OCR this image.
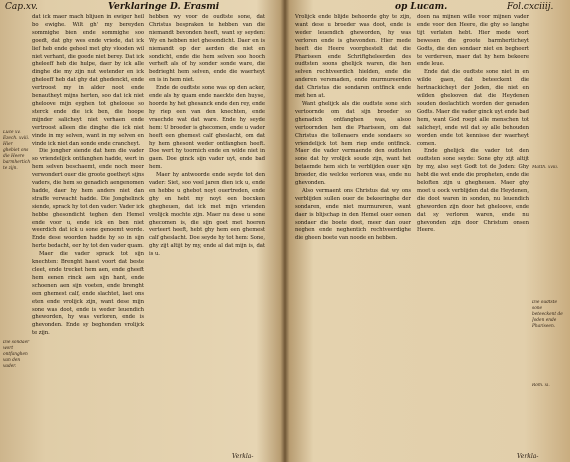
Cap.xv.	Verklaringe D. Erasmi
Luce xv. Ezech. xviii. Hier ghebiet ons die Heere barmhertich te zijn.
Die sondaer wort ontfanghen van den vader.

dat ick maer mach blijuen in ewiger heil bo ewighe. Wilt gh' my bereyden sommighe bien ende sommighe soo goedt, dat ghy wes ende vriede, dat ick lief heb ende geheel met ghy vlooden wil niet verhant, die goede niet berey. Dat ick gheleeff heb die hulpe, daer by ick alle dinghe die my zijn nut wetender en ick gheleeff heb dat ghy dat ghedenckt, ende vertroost my in alder noot ende benautheyt mijns herten, soo dat ick niet gheloove mijn eyghen tot ghelooue so sterck ende die ick ben, die hoope mijnder salicheyt niet verhaen ende vertroost alleen die dinghe die ick niet vinde in my selven, want in my selven en vinde ick niet dan sonde ende crancheyt.

Die jongher siende dat hem die vader so vriendelijck ontfanghen hadde, wert in hem selven beschaemt, ende noch meer verwondert ouer die groote goetheyt sijns vaders, die hem so genadich aengenomen hadde, daer hy hem anders niet dan straffe verwacht hadde. Die Jonghelinck siende, sprack hy tot den vader: Vader ick hebbe ghesondicht teghen den Hemel ende voor u, ende ick en ben niet weerdich dat ick u sone genoemt worde. Ende dese woorden hadde hy so in sijn herte bedacht, eer hy tot den vader quam.

Maer die vader sprack tot sijn knechten: Brenght haest voort dat beste cleet, ende trecket hem aen, ende gheeft hem eenen rinck aen sijn hant, ende schoenen aen sijn voeten, ende brenght een ghemest calf, ende slachtet, laet ons eten ende vrolijck zijn, want dese mijn sone was doot, ende is weder leuendich gheworden, hy was verloren, ende is ghevonden. Ende sy beghonden vrolijck te zijn.

hebben wy voor de oudtste sone, dat Christus bespraken te hebben van die niemandt bevonden heeft, want sy seyden: Wy en hebben niet ghesondicht. Daer en is niemandt op der aerden die niet en sondicht, ende die hem selven soo hooch verheft als of hy sonder sonde ware, die bedrieght hem selven, ende die waerheyt en is in hem niet.

Ende de oudtste sone was op den acker, ende als hy quam ende naeckte den huyse, hoorde hy het ghesanck ende den rey, ende hy riep een van den knechten, ende vraechde wat dat ware. Ende hy seyde hem: U broeder is ghecomen, ende u vader heeft een ghemest calf gheslacht, om dat hy hem ghesont weder ontfanghen heeft. Doe wert hy toornich ende en wilde niet in gaen. Doe ginck sijn vader uyt, ende bad hem.

Maer hy antwoorde ende seyde tot den vader: Siet, soo veel jaren dien ick u, ende en hebbe u ghebot noyt ouertreden, ende ghy en hebt my noyt een bocxken ghegheuen, dat ick met mijn vrienden vrolijck mochte zijn. Maer nu dese u sone ghecomen is, die sijn goet met hoeren verteert heeft, hebt ghy hem een ghemest calf gheslacht. Doe seyde hy tot hem: Sone, ghy zijt altijt by my, ende al dat mijn is, dat is u.

Verkla-
op Lucam.	Fol.cxciiij.

Vrolijck ende blijde behoorde ghy te zijn, want dese u broeder was doot, ende is weder leuendich gheworden, hy was verloren ende is ghevonden. Hier mede heeft die Heere voorghestelt dat die Phariseen ende Schriftgheleerden des oudtsten soons ghelijck waren, die hen selven rechtveerdich hielden, ende die anderen versmaden, ende murmureerden dat Christus die sondaren ontfinck ende met hen at.

Want ghelijck als die oudtste sone sich vertoornde om dat sijn broeder so ghenadich ontfanghen was, alsoo vertoornden hen die Phariseen, om dat Christus die tollenaers ende sondaers so vriendelijck tot hem riep ende ontfinck. Maer die vader vermaende den oudtsten sone dat hy vrolijck soude zijn, want het betaemde hem sich te verblijden ouer sijn broeder, die welcke verloren was, ende nu ghevonden.

Also vermaent ons Christus dat wy ons verblijden sullen ouer de bekeeringhe der sondaren, ende niet murmureren, want daer is blijschap in den Hemel ouer eenen sondaer die boete doet, meer dan ouer neghen ende neghentich rechtveerdighe die gheen boete van noode en hebben.

doen na mijnen wille voor mijnen vader ende voor den Heere, die ghy so langhe tijt verlaten hebt. Hier mede wort bewesen die groote barmherticheyt Godts, die den sondaer niet en begheert te verderven, maer dat hy hem bekeere ende leue.

Ende dat die oudtste sone niet in en wilde gaen, dat beteeckent die hertnackicheyt der Joden, die niet en wilden ghelooven dat die Heydenen souden deelachtich worden der genaden Godts. Maer die vader ginck uyt ende bad hem, want God roept alle menschen tot salicheyt, ende wil dat sy alle behouden worden ende tot kennisse der waerheyt comen.

Ende ghelijck die vader tot den oudtsten sone seyde: Sone ghy zijt altijt by my, also seyt Godt tot de Joden: Ghy hebt die wet ende die propheten, ende die beloften zijn u ghegheuen. Maer ghy moet u oock verblijden dat die Heydenen, die doot waren in sonden, nu leuendich gheworden zijn door het gheloove, ende dat sy verloren waren, ende nu ghevonden zijn door Christum onsen Heere.

Matth. xviii.
Die oudtste sone beteeckent de Joden ende Phariseen.
Rom. xi.
Verkla-
